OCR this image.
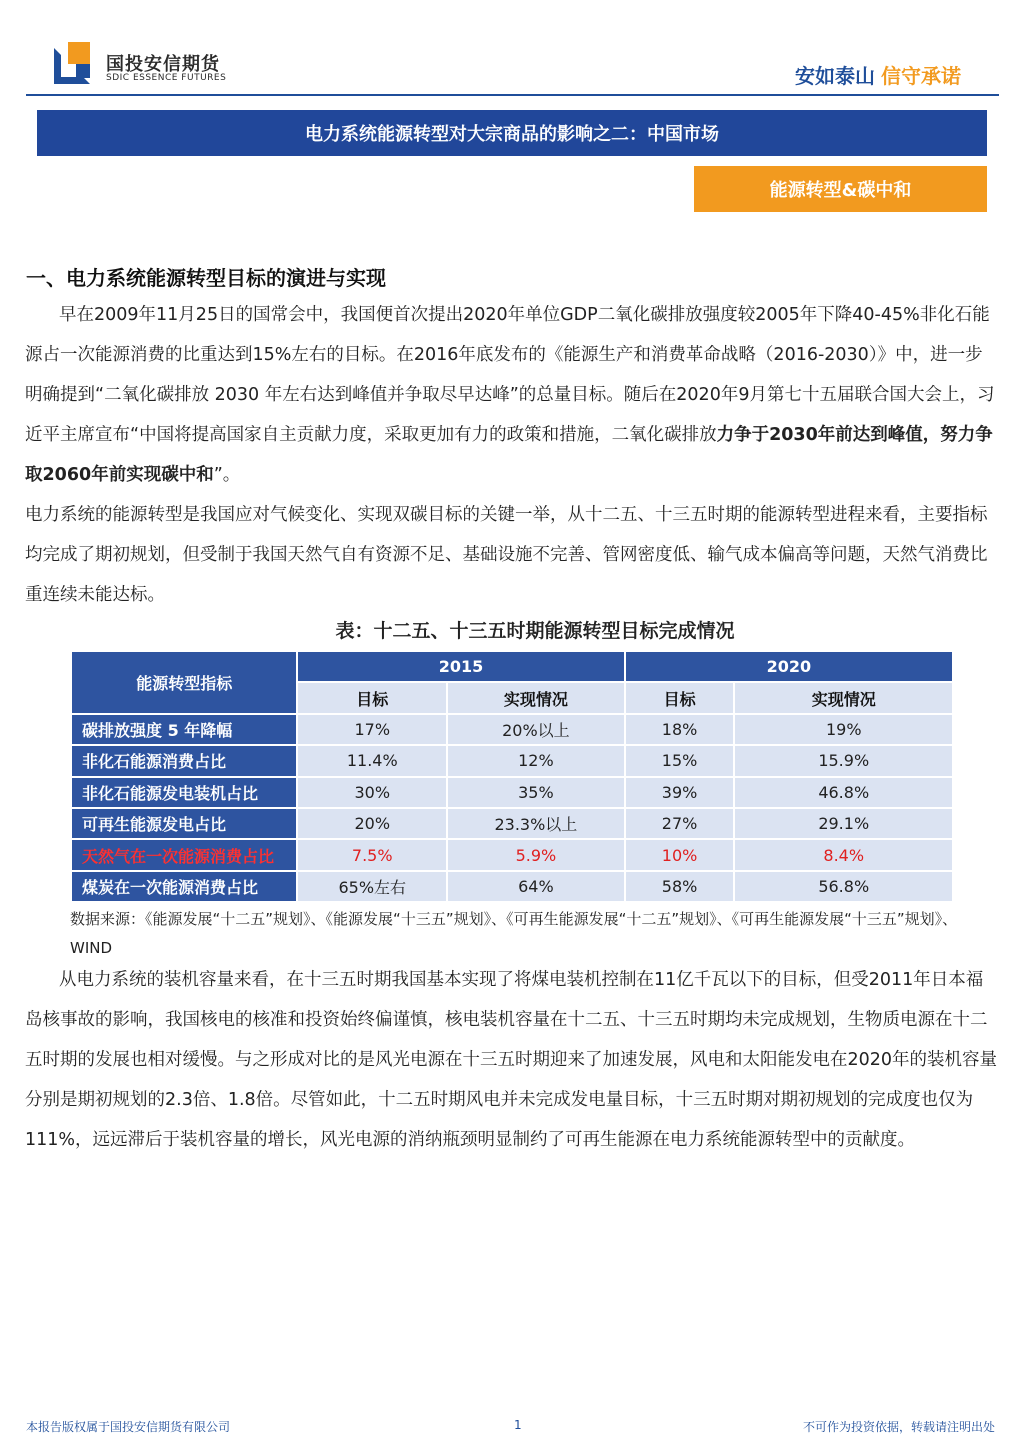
国投安信期货
SDIC ESSENCE FUTURES	安如泰山 信守承诺
电力系统能源转型对大宗商品的影响之二：中国市场
能源转型&碳中和
一、电力系统能源转型目标的演进与实现
早在2009年11月25日的国常会中，我国便首次提出2020年单位GDP二氧化碳排放强度较2005年下降40-45%非化石能源占一次能源消费的比重达到15%左右的目标。在2016年底发布的《能源生产和消费革命战略（2016-2030）》中，进一步明确提到“二氧化碳排放 2030 年左右达到峰值并争取尽早达峰”的总量目标。随后在2020年9月第七十五届联合国大会上，习近平主席宣布“中国将提高国家自主贡献力度，采取更加有力的政策和措施，二氧化碳排放力争于2030年前达到峰值，努力争取2060年前实现碳中和”。
电力系统的能源转型是我国应对气候变化、实现双碳目标的关键一举，从十二五、十三五时期的能源转型进程来看，主要指标均完成了期初规划，但受制于我国天然气自有资源不足、基础设施不完善、管网密度低、输气成本偏高等问题，天然气消费比重连续未能达标。
表：十二五、十三五时期能源转型目标完成情况
能源转型指标	2015		2020	
	目标	实现情况	目标	实现情况
碳排放强度 5 年降幅	17%	20%以上	18%	19%
非化石能源消费占比	11.4%	12%	15%	15.9%
非化石能源发电装机占比	30%	35%	39%	46.8%
可再生能源发电占比	20%	23.3%以上	27%	29.1%
天然气在一次能源消费占比	7.5%	5.9%	10%	8.4%
煤炭在一次能源消费占比	65%左右	64%	58%	56.8%
数据来源：《能源发展“十二五”规划》、《能源发展“十三五”规划》、《可再生能源发展“十二五”规划》、《可再生能源发展“十三五”规划》、WIND
从电力系统的装机容量来看，在十三五时期我国基本实现了将煤电装机控制在11亿千瓦以下的目标，但受2011年日本福岛核事故的影响，我国核电的核准和投资始终偏谨慎，核电装机容量在十二五、十三五时期均未完成规划，生物质电源在十二五时期的发展也相对缓慢。与之形成对比的是风光电源在十三五时期迎来了加速发展，风电和太阳能发电在2020年的装机容量分别是期初规划的2.3倍、1.8倍。尽管如此，十二五时期风电并未完成发电量目标，十三五时期对期初规划的完成度也仅为111%，远远滞后于装机容量的增长，风光电源的消纳瓶颈明显制约了可再生能源在电力系统能源转型中的贡献度。
本报告版权属于国投安信期货有限公司	1	不可作为投资依据，转载请注明出处
